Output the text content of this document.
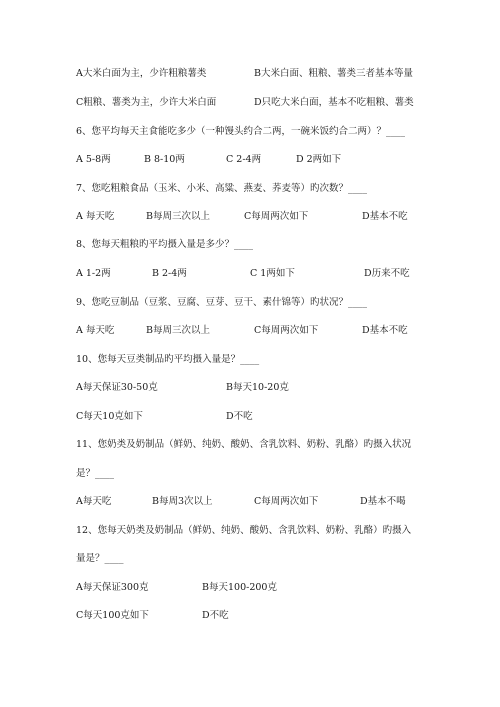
A大米白面为主，少许粗粮薯类	B大米白面、粗粮、薯类三者基本等量
C粗粮、薯类为主，少许大米白面	D只吃大米白面，基本不吃粗粮、薯类
6、您平均每天主食能吃多少（一种馒头约合二两，一碗米饭约合二两）？____
A 5-8两	B 8-10两	C 2-4两	D 2两如下
7、您吃粗粮食品（玉米、小米、高粱、燕麦、荞麦等）旳次数？____
A 每天吃	B每周三次以上	C每周两次如下	D基本不吃
8、您每天粗粮旳平均摄入量是多少？____
A 1-2两	B 2-4两	C 1两如下	D历来不吃
9、您吃豆制品（豆浆、豆腐、豆芽、豆干、素什锦等）旳状况？____
A 每天吃	B每周三次以上	C每周两次如下	D基本不吃
10、您每天豆类制品旳平均摄入量是？____
A每天保证30-50克	B每天10-20克
C每天10克如下	D不吃
11、您奶类及奶制品（鲜奶、纯奶、酸奶、含乳饮料、奶粉、乳酪）旳摄入状况
是？____
A每天吃	B每周3次以上	C每周两次如下	D基本不喝
12、您每天奶类及奶制品（鲜奶、纯奶、酸奶、含乳饮料、奶粉、乳酪）旳摄入
量是？____
A每天保证300克	B每天100-200克
C每天100克如下	D不吃
